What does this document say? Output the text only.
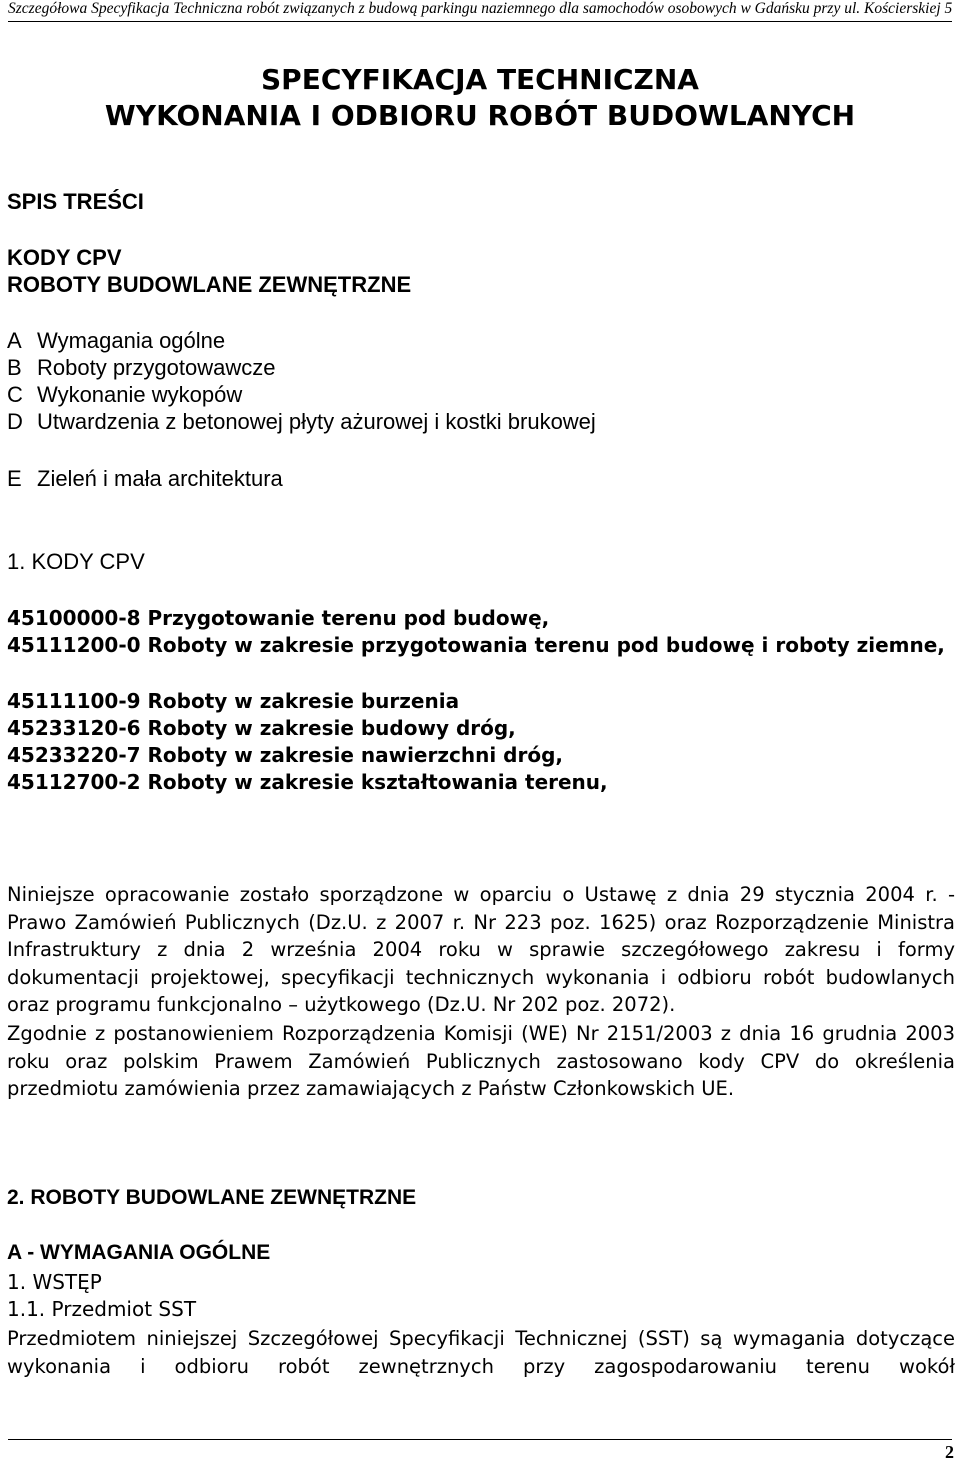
Szczegółowa Specyfikacja Techniczna robót związanych z budową parkingu naziemnego dla samochodów osobowych w Gdańsku przy ul. Kościerskiej 5
SPECYFIKACJA TECHNICZNA
WYKONANIA I ODBIORU ROBÓT BUDOWLANYCH
SPIS TREŚCI
KODY CPV
ROBOTY BUDOWLANE ZEWNĘTRZNE
A Wymagania ogólne
B Roboty przygotowawcze
C Wykonanie wykopów
D Utwardzenia z betonowej płyty ażurowej i kostki brukowej
E Zieleń i mała architektura
1. KODY CPV
45100000-8 Przygotowanie terenu pod budowę,
45111200-0 Roboty w zakresie przygotowania terenu pod budowę i roboty ziemne,
45111100-9 Roboty w zakresie burzenia
45233120-6 Roboty w zakresie budowy dróg,
45233220-7 Roboty w zakresie nawierzchni dróg,
45112700-2 Roboty w zakresie kształtowania terenu,
Niniejsze opracowanie zostało sporządzone w oparciu o Ustawę z dnia 29 stycznia 2004 r. - Prawo Zamówień Publicznych (Dz.U. z 2007 r. Nr 223 poz. 1625) oraz Rozporządzenie Ministra Infrastruktury z dnia 2 września 2004 roku w sprawie szczegółowego zakresu i formy dokumentacji projektowej, specyfikacji technicznych wykonania i odbioru robót budowlanych oraz programu funkcjonalno – użytkowego (Dz.U. Nr 202 poz. 2072).
Zgodnie z postanowieniem Rozporządzenia Komisji (WE) Nr 2151/2003 z dnia 16 grudnia 2003 roku oraz polskim Prawem Zamówień Publicznych zastosowano kody CPV do określenia przedmiotu zamówienia przez zamawiających z Państw Członkowskich UE.
2. ROBOTY BUDOWLANE ZEWNĘTRZNE
A - WYMAGANIA OGÓLNE
1. WSTĘP
1.1. Przedmiot SST
Przedmiotem niniejszej Szczegółowej Specyfikacji Technicznej (SST) są wymagania dotyczące wykonania i odbioru robót zewnętrznych przy zagospodarowaniu terenu wokół
2
